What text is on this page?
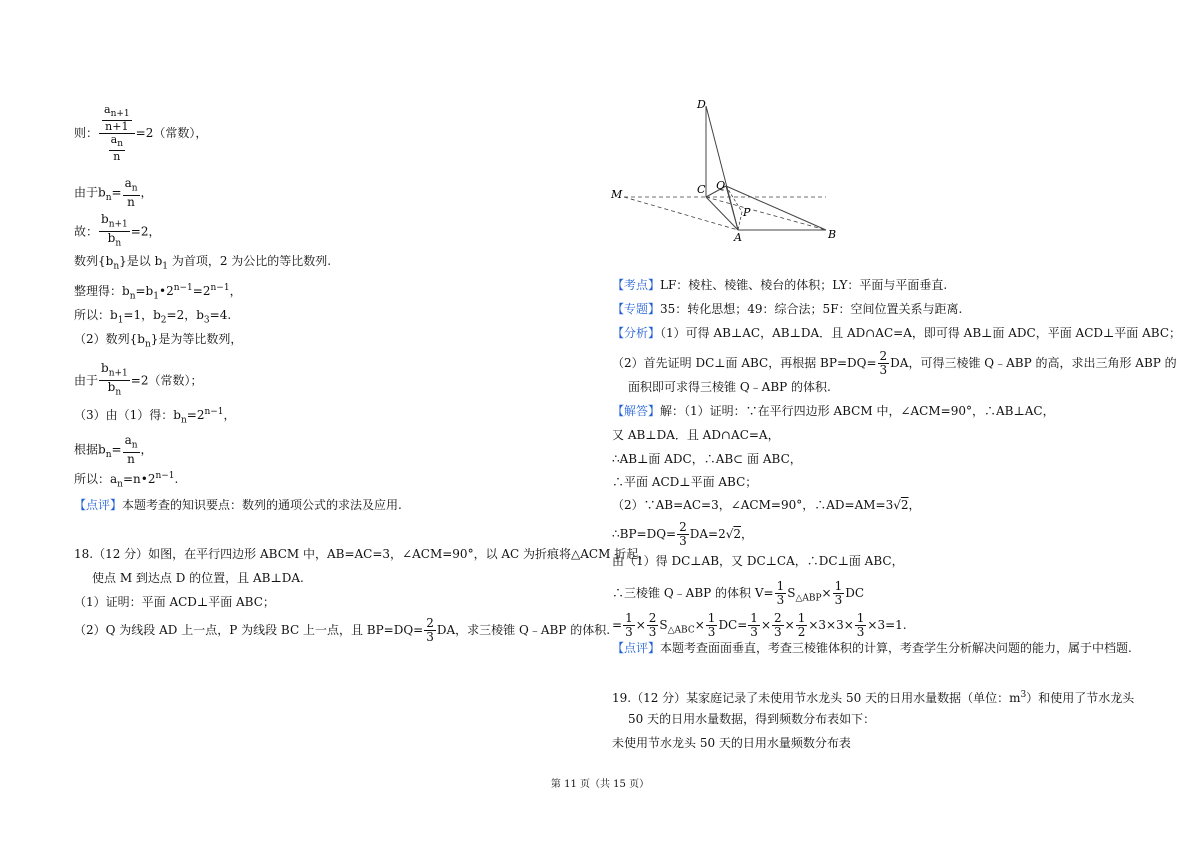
则： $\frac{a_{n+1}}{n+1}$
$\frac{a_n}{n}$
=2（常数），
由于$b_n= \frac{a_n}{n}$ ，
故： $\frac{b_{n+1}}{b_n} =2$，
数列$\{b_n\}$是以 $b_1$ 为首项，2 为公比的等比数列.
整理得：$b_n=b_1•2^{n-1}=2^{n-1}$，
所以：$b_1=1$，$b_2=2$，$b_3=4$.
（2）数列$\{b_n\}$是为等比数列，
由于 $\frac{b_{n+1}}{b_n} =2$（常数）；
（3）由（1）得：$b_n=2^{n-1}$，
根据$b_n= \frac{a_n}{n}$ ，
所以：$a_n=n•2^{n-1}$.
【点评】本题考查的知识要点：数列的通项公式的求法及应用.
18.（12 分）如图，在平行四边形 ABCM 中，AB=AC=3，∠ACM=90°，以 AC 为折痕将△ACM 折起，
使点 M 到达点 D 的位置，且 AB⊥DA.
（1）证明：平面 ACD⊥平面 ABC；
（2）Q 为线段 AD 上一点，P 为线段 BC 上一点，且 $BP=DQ= \frac{2}{3}$ DA，求三棱锥 Q﹣ABP 的体积.
D
C Q
P
M
A	B
【考点】LF：棱柱、棱锥、棱台的体积；LY：平面与平面垂直.
【专题】35：转化思想；49：综合法；5F：空间位置关系与距离.
【分析】（1）可得 AB⊥AC，AB⊥DA．且 AD∩AC=A，即可得 AB⊥面 ADC，平面 ACD⊥平面 ABC；
（2）首先证明 DC⊥面 ABC，再根据 $BP=DQ= \frac{2}{3}$ DA，可得三棱锥 Q﹣ABP 的高，求出三角形 ABP 的
面积即可求得三棱锥 Q﹣ABP 的体积.
【解答】解：（1）证明：∵在平行四边形 ABCM 中，∠ACM=90°，∴AB⊥AC，
又 AB⊥DA．且 AD∩AC=A，
∴AB⊥面 ADC，∴AB⊂ 面 ABC，
∴平面 ACD⊥平面 ABC；
（2）∵AB=AC=3，∠ACM=90°，∴AD=AM=3√2，
∴BP=DQ= $\frac{2}{3} DA=2√2$，
由（1）得 DC⊥AB，又 DC⊥CA，∴DC⊥面 ABC，
∴三棱锥 Q﹣ABP 的体积 $V= \frac{1}{3} S_{\triangle ABP}\times \frac{1}{3}$ DC
= $\frac{1}{3} \times \frac{2}{3} S_{\triangle ABC}\times \frac{1}{3} DC= \frac{1}{3} \times \frac{2}{3} \times \frac{1}{2} \times 3\times 3\times \frac{1}{3} \times 3=1$.
【点评】本题考查面面垂直，考查三棱锥体积的计算，考查学生分析解决问题的能力，属于中档题.
19.（12 分）某家庭记录了未使用节水龙头 50 天的日用水量数据（单位：$m^3$）和使用了节水龙头
50 天的日用水量数据，得到频数分布表如下：
未使用节水龙头 50 天的日用水量频数分布表
第 11 页（共 15 页）
